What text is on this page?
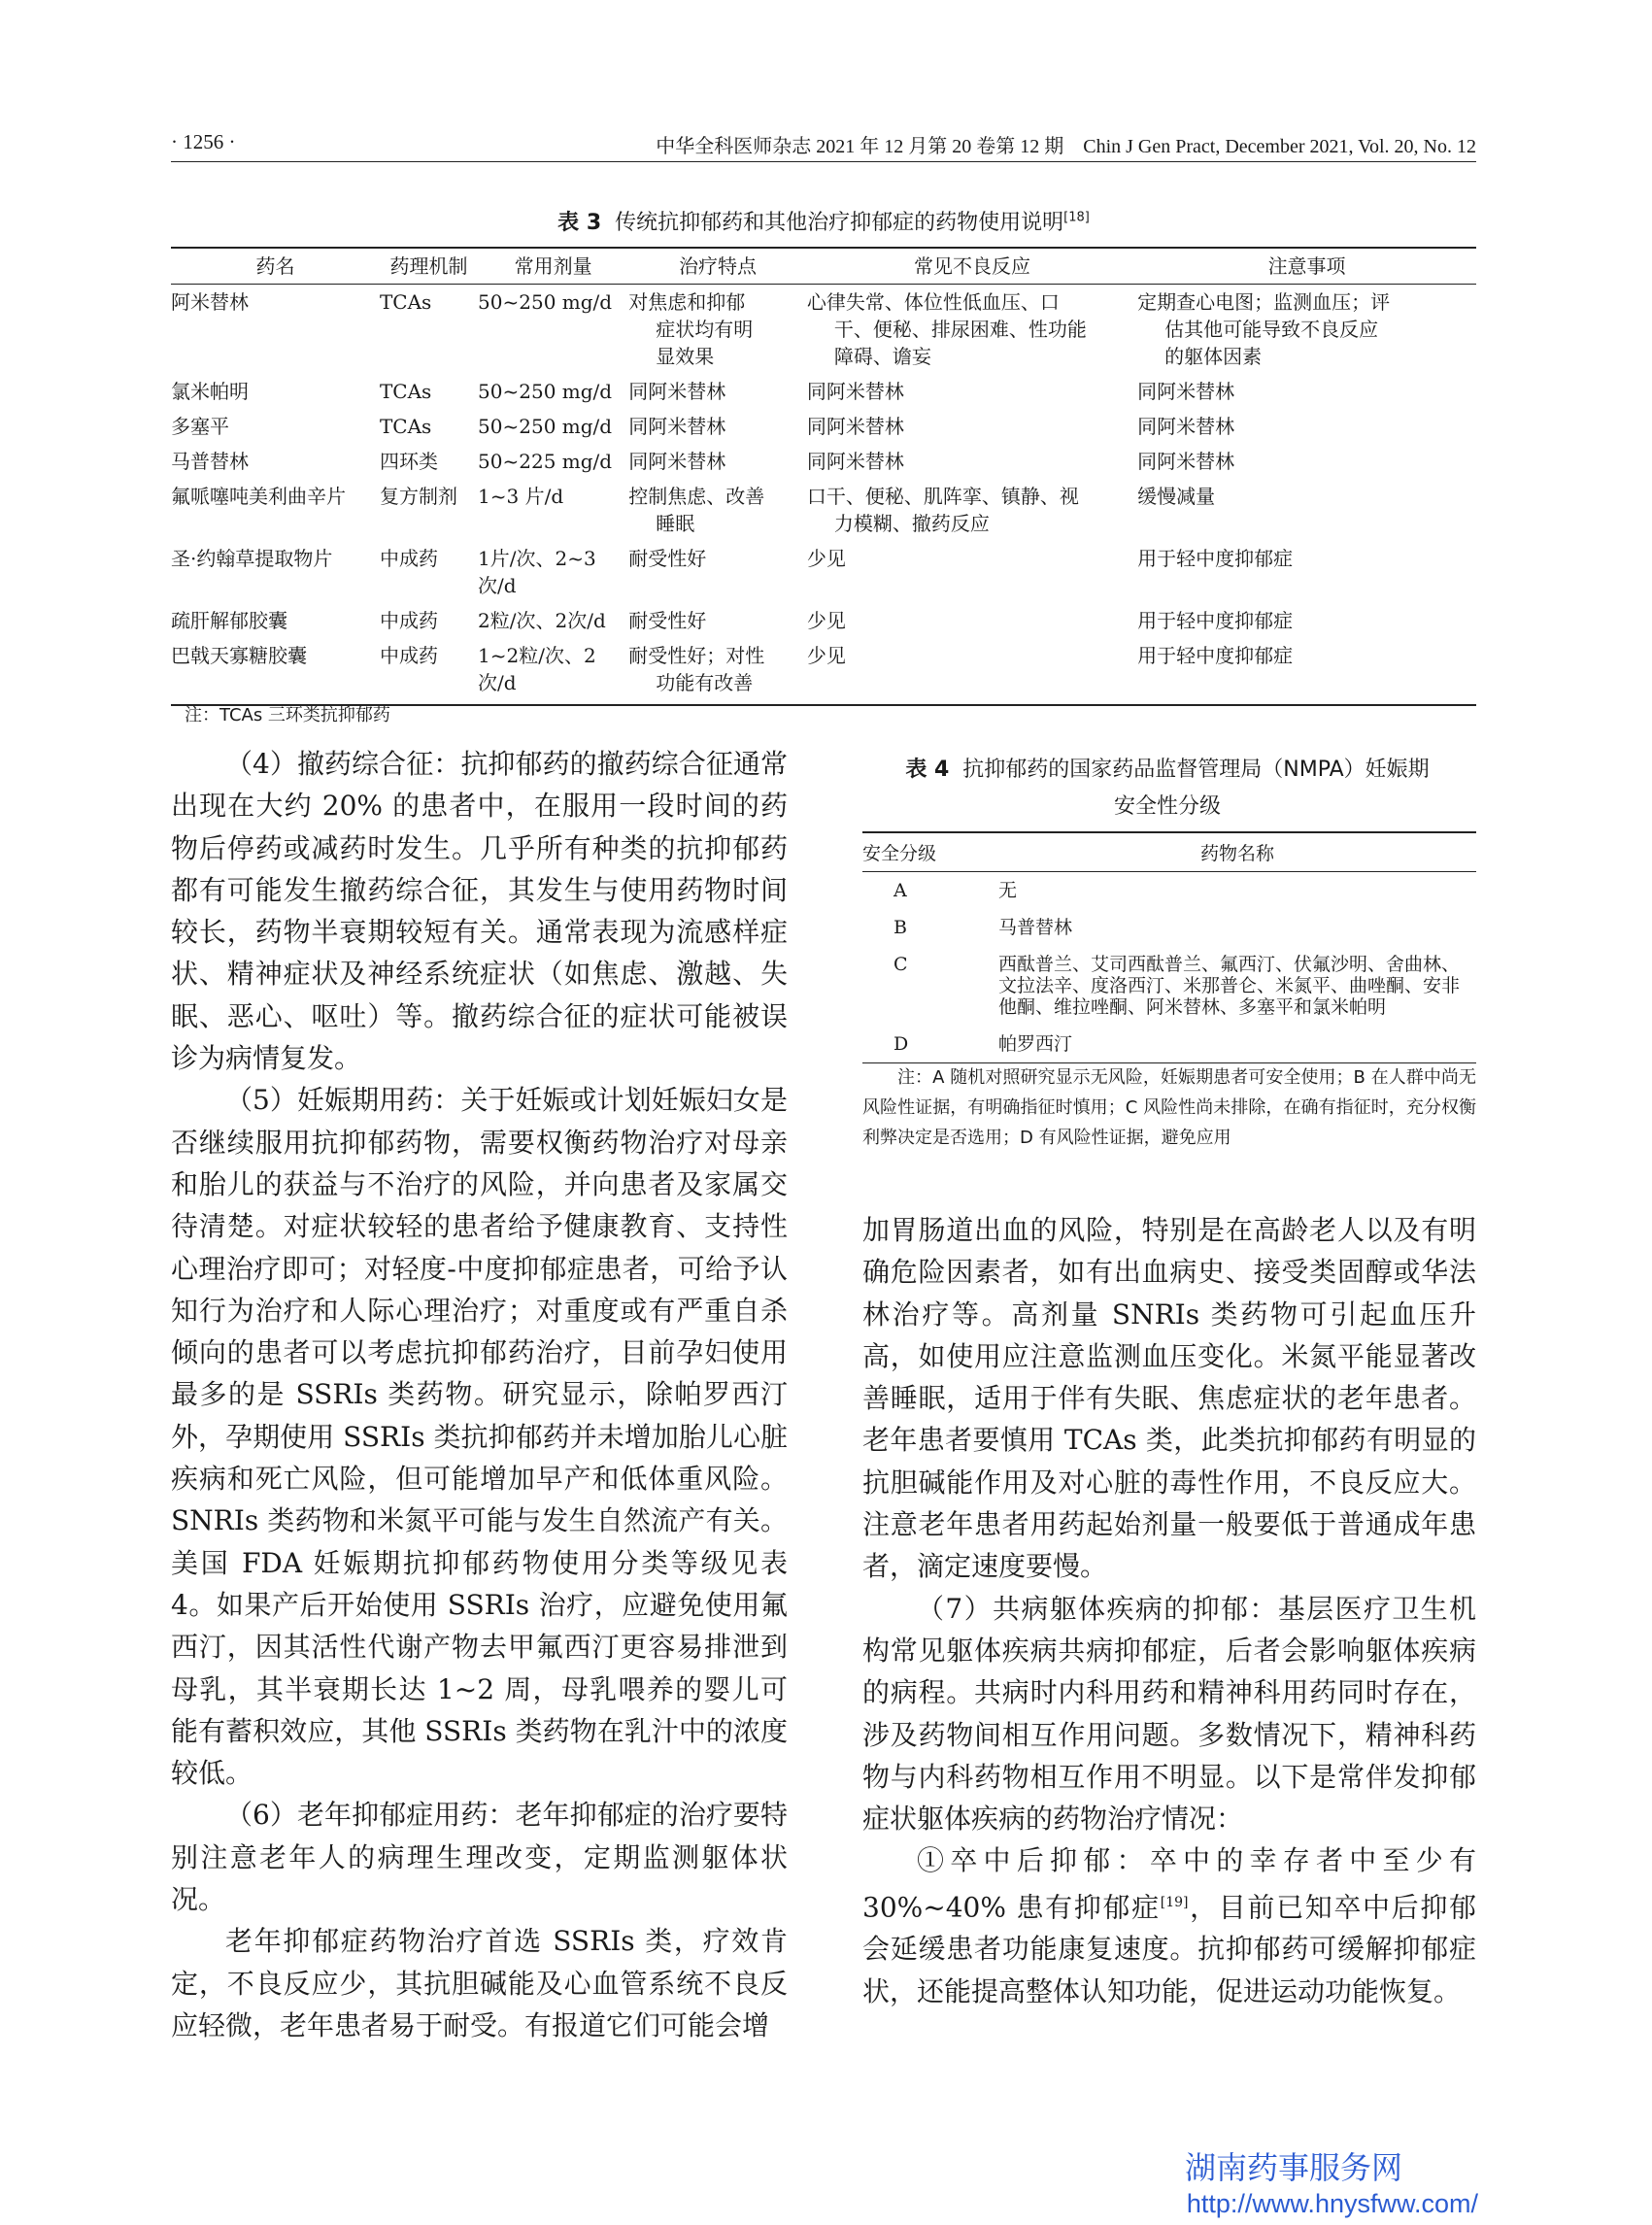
· 1256 ·	中华全科医师杂志 2021 年 12 月第 20 卷第 12 期　Chin J Gen Pract, December 2021, Vol. 20, No. 12
表 3 传统抗抑郁药和其他治疗抑郁症的药物使用说明[18]
药名	药理机制	常用剂量	治疗特点	常见不良反应	注意事项
阿米替林	TCAs	50~250 mg/d	对焦虑和抑郁
症状均有明
显效果	心律失常、体位性低血压、口
干、便秘、排尿困难、性功能
障碍、谵妄	定期查心电图；监测血压；评
估其他可能导致不良反应
的躯体因素

氯米帕明	TCAs	50~250 mg/d	同阿米替林	同阿米替林	同阿米替林

多塞平	TCAs	50~250 mg/d	同阿米替林	同阿米替林	同阿米替林

马普替林	四环类	50~225 mg/d	同阿米替林	同阿米替林	同阿米替林

氟哌噻吨美利曲辛片	复方制剂	1~3 片/d	控制焦虑、改善
睡眠	口干、便秘、肌阵挛、镇静、视
力模糊、撤药反应	缓慢减量

圣·约翰草提取物片	中成药	1片/次、2~3次/d	耐受性好	少见	用于轻中度抑郁症

疏肝解郁胶囊	中成药	2粒/次、2次/d	耐受性好	少见	用于轻中度抑郁症

巴戟天寡糖胶囊	中成药	1~2粒/次、2次/d	耐受性好；对性
功能有改善	少见	用于轻中度抑郁症
注：TCAs 三环类抗抑郁药

（4）撤药综合征：抗抑郁药的撤药综合征通常出现在大约 20% 的患者中，在服用一段时间的药物后停药或减药时发生。几乎所有种类的抗抑郁药都有可能发生撤药综合征，其发生与使用药物时间较长，药物半衰期较短有关。通常表现为流感样症状、精神症状及神经系统症状（如焦虑、激越、失眠、恶心、呕吐）等。撤药综合征的症状可能被误诊为病情复发。

（5）妊娠期用药：关于妊娠或计划妊娠妇女是否继续服用抗抑郁药物，需要权衡药物治疗对母亲和胎儿的获益与不治疗的风险，并向患者及家属交待清楚。对症状较轻的患者给予健康教育、支持性心理治疗即可；对轻度-中度抑郁症患者，可给予认知行为治疗和人际心理治疗；对重度或有严重自杀倾向的患者可以考虑抗抑郁药治疗，目前孕妇使用最多的是 SSRIs 类药物。研究显示，除帕罗西汀外，孕期使用 SSRIs 类抗抑郁药并未增加胎儿心脏疾病和死亡风险，但可能增加早产和低体重风险。SNRIs 类药物和米氮平可能与发生自然流产有关。美国 FDA 妊娠期抗抑郁药物使用分类等级见表 4。如果产后开始使用 SSRIs 治疗，应避免使用氟西汀，因其活性代谢产物去甲氟西汀更容易排泄到母乳，其半衰期长达 1~2 周，母乳喂养的婴儿可能有蓄积效应，其他 SSRIs 类药物在乳汁中的浓度较低。

（6）老年抑郁症用药：老年抑郁症的治疗要特别注意老年人的病理生理改变，定期监测躯体状况。

老年抑郁症药物治疗首选 SSRIs 类，疗效肯定，不良反应少，其抗胆碱能及心血管系统不良反应轻微，老年患者易于耐受。有报道它们可能会增

表 4 抗抑郁药的国家药品监督管理局（NMPA）妊娠期
安全性分级
安全分级	药物名称
A	无
B	马普替林
C	西酞普兰、艾司西酞普兰、氟西汀、伏氟沙明、舍曲林、文拉法辛、度洛西汀、米那普仑、米氮平、曲唑酮、安非他酮、维拉唑酮、阿米替林、多塞平和氯米帕明
D	帕罗西汀
注：A 随机对照研究显示无风险，妊娠期患者可安全使用；B 在人群中尚无风险性证据，有明确指征时慎用；C 风险性尚未排除，在确有指征时，充分权衡利弊决定是否选用；D 有风险性证据，避免应用

加胃肠道出血的风险，特别是在高龄老人以及有明确危险因素者，如有出血病史、接受类固醇或华法林治疗等。高剂量 SNRIs 类药物可引起血压升高，如使用应注意监测血压变化。米氮平能显著改善睡眠，适用于伴有失眠、焦虑症状的老年患者。老年患者要慎用 TCAs 类，此类抗抑郁药有明显的抗胆碱能作用及对心脏的毒性作用，不良反应大。注意老年患者用药起始剂量一般要低于普通成年患者，滴定速度要慢。

（7）共病躯体疾病的抑郁：基层医疗卫生机构常见躯体疾病共病抑郁症，后者会影响躯体疾病的病程。共病时内科用药和精神科用药同时存在，涉及药物间相互作用问题。多数情况下，精神科药物与内科药物相互作用不明显。以下是常伴发抑郁症状躯体疾病的药物治疗情况：

①卒中后抑郁：卒中的幸存者中至少有 30%~40% 患有抑郁症[19]，目前已知卒中后抑郁会延缓患者功能康复速度。抗抑郁药可缓解抑郁症状，还能提高整体认知功能，促进运动功能恢复。

湖南药事服务网
http://www.hnysfww.com/
